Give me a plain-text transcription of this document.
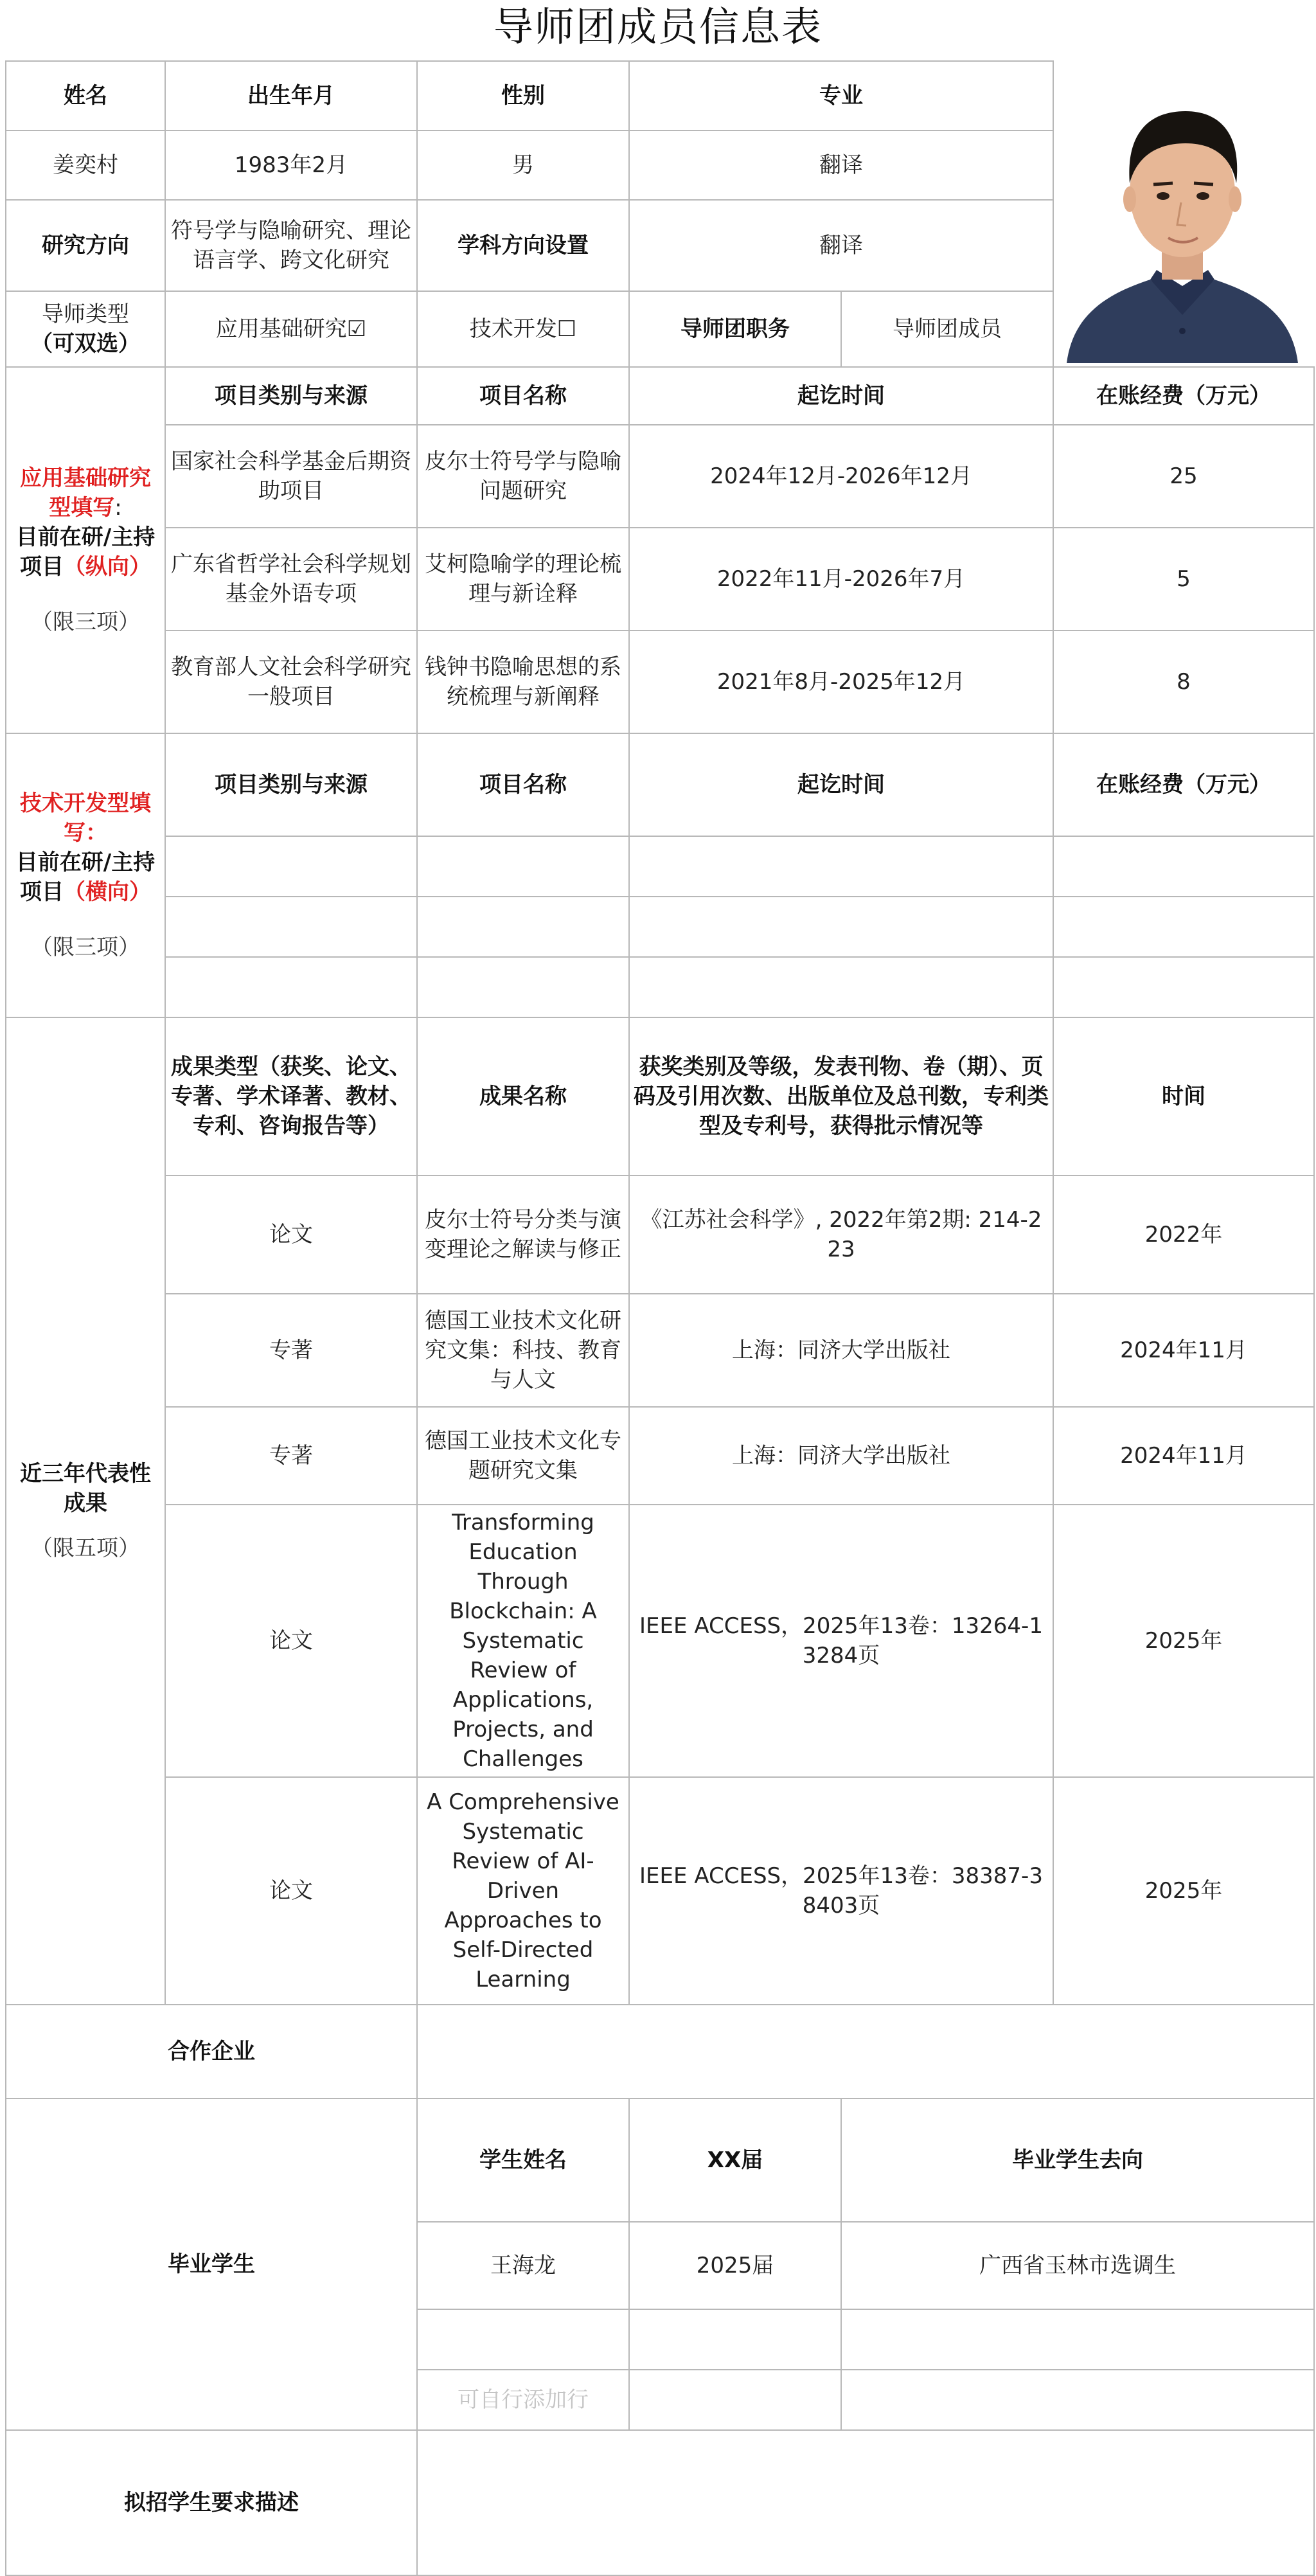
导师团成员信息表
姓名	出生年月	性别	专业	

姜奕村	1983年2月	男	翻译		
研究方向	符号学与隐喻研究、理论语言学、跨文化研究	学科方向设置	翻译		

导师类型
（可双选）	应用基础研究☑	技术开发☐	导师团职务	导师团成员	
应用基础研究型填写:
目前在研/主持项目（纵向）
（限三项）	项目类别与来源	项目名称	起讫时间		在账经费（万元）
	国家社会科学基金后期资助项目	皮尔士符号学与隐喻问题研究	2024年12月-2026年12月		25
	广东省哲学社会科学规划基金外语专项	艾柯隐喻学的理论梳理与新诠释	2022年11月-2026年7月		5
	教育部人文社会科学研究一般项目	钱钟书隐喻思想的系统梳理与新阐释	2021年8月-2025年12月		8
技术开发型填写：
目前在研/主持项目（横向）
（限三项）	项目类别与来源	项目名称	起讫时间		在账经费（万元）

近三年代表性成果
（限五项）	成果类型（获奖、论文、专著、学术译著、教材、专利、咨询报告等）	成果名称	获奖类别及等级，发表刊物、卷（期）、页码及引用次数、出版单位及总刊数，专利类型及专利号，获得批示情况等		时间
	论文	皮尔士符号分类与演变理论之解读与修正	《江苏社会科学》, 2022年第2期: 214-223		2022年
	专著	德国工业技术文化研究文集：科技、教育与人文	上海：同济大学出版社		2024年11月
	专著	德国工业技术文化专题研究文集	上海：同济大学出版社		2024年11月
	论文	Transforming Education Through Blockchain: A Systematic Review of Applications, Projects, and Challenges	IEEE ACCESS，2025年13卷：13264-13284页		2025年
	论文	A Comprehensive Systematic Review of AI-Driven Approaches to Self-Directed Learning	IEEE ACCESS，2025年13卷：38387-38403页		2025年
合作企业					
毕业学生		学生姓名	XX届	毕业学生去向	
		王海龙	2025届	广西省玉林市选调生	

		可自行添加行			
拟招学生要求描述					
